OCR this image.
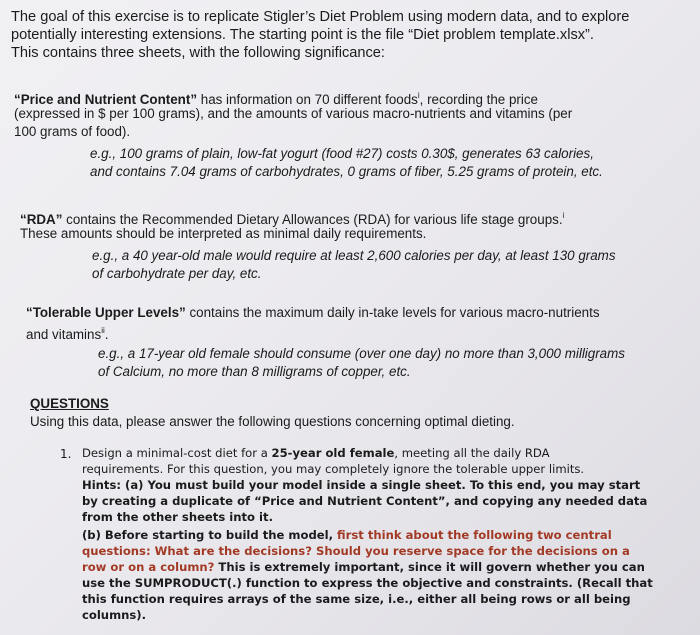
The goal of this exercise is to replicate Stigler’s Diet Problem using modern data, and to explore
potentially interesting extensions. The starting point is the file “Diet problem template.xlsx”.
This contains three sheets, with the following significance:
“Price and Nutrient Content” has information on 70 different foods$^i$, recording the price
(expressed in $ per 100 grams), and the amounts of various macro-nutrients and vitamins (per
100 grams of food).
e.g., 100 grams of plain, low-fat yogurt (food #27) costs 0.30$, generates 63 calories,
and contains 7.04 grams of carbohydrates, 0 grams of fiber, 5.25 grams of protein, etc.
“RDA” contains the Recommended Dietary Allowances (RDA) for various life stage groups.$^i$
These amounts should be interpreted as minimal daily requirements.
e.g., a 40 year-old male would require at least 2,600 calories per day, at least 130 grams
of carbohydrate per day, etc.
“Tolerable Upper Levels” contains the maximum daily in-take levels for various macro-nutrients
and vitamins$^{ii}$.
e.g., a 17-year old female should consume (over one day) no more than 3,000 milligrams
of Calcium, no more than 8 milligrams of copper, etc.
QUESTIONS
Using this data, please answer the following questions concerning optimal dieting.
1. Design a minimal-cost diet for a 25-year old female, meeting all the daily RDA
requirements. For this question, you may completely ignore the tolerable upper limits.
Hints: (a) You must build your model inside a single sheet. To this end, you may start
by creating a duplicate of “Price and Nutrient Content”, and copying any needed data
from the other sheets into it.
(b) Before starting to build the model, first think about the following two central
questions: What are the decisions? Should you reserve space for the decisions on a
row or on a column? This is extremely important, since it will govern whether you can
use the SUMPRODUCT(.) function to express the objective and constraints. (Recall that
this function requires arrays of the same size, i.e., either all being rows or all being
columns).
